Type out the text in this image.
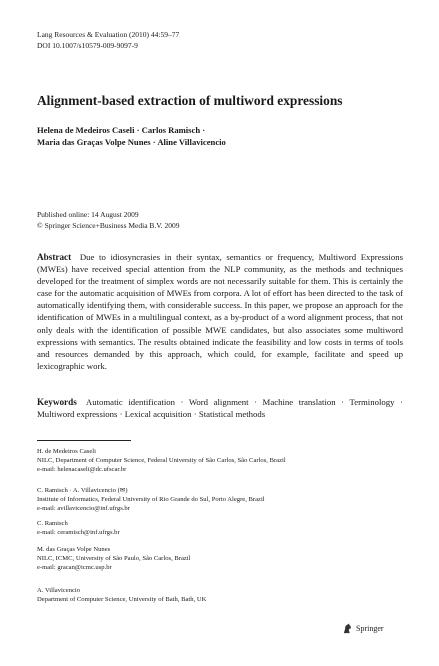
Lang Resources & Evaluation (2010) 44:59–77
DOI 10.1007/s10579-009-9097-9
Alignment-based extraction of multiword expressions
Helena de Medeiros Caseli · Carlos Ramisch ·
Maria das Graças Volpe Nunes · Aline Villavicencio
Published online: 14 August 2009
© Springer Science+Business Media B.V. 2009
Abstract Due to idiosyncrasies in their syntax, semantics or frequency, Multiword Expressions (MWEs) have received special attention from the NLP community, as the methods and techniques developed for the treatment of simplex words are not necessarily suitable for them. This is certainly the case for the automatic acquisition of MWEs from corpora. A lot of effort has been directed to the task of automatically identifying them, with considerable success. In this paper, we propose an approach for the identification of MWEs in a multilingual context, as a by-product of a word alignment process, that not only deals with the identification of possible MWE candidates, but also associates some multiword expressions with semantics. The results obtained indicate the feasibility and low costs in terms of tools and resources demanded by this approach, which could, for example, facilitate and speed up lexicographic work.
Keywords Automatic identification · Word alignment · Machine translation · Terminology · Multiword expressions · Lexical acquisition · Statistical methods
H. de Medeiros Caseli
NILC, Department of Computer Science, Federal University of São Carlos, São Carlos, Brazil
e-mail: helenacaseli@dc.ufscar.br
C. Ramisch · A. Villavicencio (✉)
Institute of Informatics, Federal University of Rio Grande do Sul, Porto Alegre, Brazil
e-mail: avillavicencio@inf.ufrgs.br
C. Ramisch
e-mail: ceramisch@inf.ufrgs.br
M. das Graças Volpe Nunes
NILC, ICMC, University of São Paulo, São Carlos, Brazil
e-mail: gracan@icmc.usp.br
A. Villavicencio
Department of Computer Science, University of Bath, Bath, UK
Springer
